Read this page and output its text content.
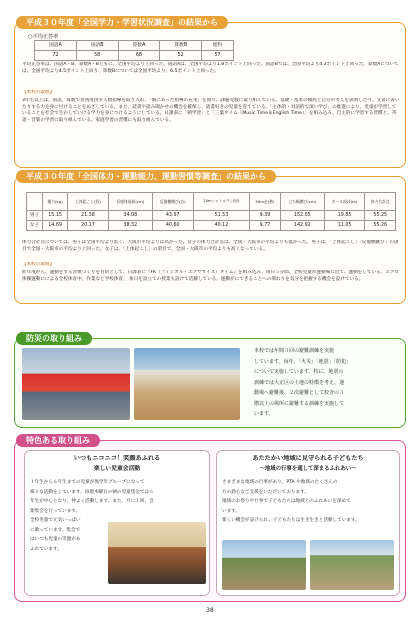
平成３０年度「全国学力・学習状況調査」の結果から
○平均正答率
国語A	国語B	算数A	算数B	理科
72	58	68	52	57
平均正答率は、国語A・B、算数A・Bともに、全国平均より上回った。国語Aは、全国平均より1.8ポイント上回った。国語Bでは、全国平均より4.3ポイント上回った。算数Aについては、全国平均より4.5ポイント上回り、算数Bについては全国平均より、6.5ポイント上回った。
【本校の取組】
3年生以上は、国語、算数で習熟度別少人数指導を取り入れ、「個にあった指導の充実」を図り、課題克服に取り組んでいる。基礎・基本の徹底と自分の考えを説明したり、文書に書いたりする力を身に付けることをめざしている。また、読書や読み聞かせの機会を確保し、読書好きの児童を育てている。「主体的・対話的で深い学び」の推進により、児童が学習していることを社会で生かしていける学力を身につけるようにしている。日課表に「朝学習」と「三葉タイム（Music Time＆English Time）」を組み込み、自主的に学習する習慣と、英語・音楽の学習に取り組んでいる。家庭学習の習慣にも取り組んでいる。
平成３０年度「全国体力・運動能力、運動習慣等調査」の結果から
	握力(kg)	上体起こし(回)	長座体前屈(cm)	反復横跳び(点)	20mシャトルラン(回)	50m走(秒)	立ち幅跳び(cm)	ボール投げ(m)	体力合計点
男子	15.15	21.38	34.08	43.97	51.53	9.39	152.05	19.85	55.25
女子	14.69	20.17	38.32	40.60	40.12	9.77	142.92	11.05	55.26
体力合計点については、男子は全国平均より低く、大阪市平均よりは高かった。女子の体力合計点は、全国・大阪市の平均よりも低かった。男子は、「上体起こし」「反復横跳び」の項目で全国・大阪市の平均より上回った。女子は、「上体起こし」の項目で、全国・大阪市の平均よりも高くなっている。
【本校の取組】
昨年度から、運動をする習慣づくりを目的として、日課表に『FK（フィジカル・エクササイズ）タイム』を組み込み、毎日５分間、全校児童が運動場に出て、運動をしている。エアロ体操運動にによる全校体育中、作業など学校体育、 休日を設立ての授業も設けて活躍している。運動がにできることへの関わりを気分を把握する機会を設けている。
防災の取り組み
本校では年間３回の避難訓練を実施
しています。毎年、「火災」「地震」「防犯」
について実施しています。特に、地震の
訓練では大正区の土地の特徴を考え、運
動場へ避難後、２次避難として校舎の３
階以上の場所に避難する訓練を実施して
います。
特色ある取り組み
いつもニコニコ！笑顔あふれる
楽しい児童会活動
１年生から６年生までの児童が異学年グループになって
様々な活動をしています。毎週木曜日の朝の児童集会では６
年生が中心となり、仲よく活動します。また、月に１回、音
楽集会を行っています。
全校児童で元気いっぱい
に歌っています。集会で
はいつも児童の笑顔があ
ふれています。
あたたかい地域に見守られる子どもたち
〜地域の行事を通して深まるふれあい〜
さまざまな地域の行事があり、PTA や地域のたくさんの
方の熱心なご支援をいただいております。
地域のお祭りや行事で子どもたちは地域とのふれあいを深めて
います。
楽しい機会が設けられ、子どもたちは生き生きと活動しています。
38
